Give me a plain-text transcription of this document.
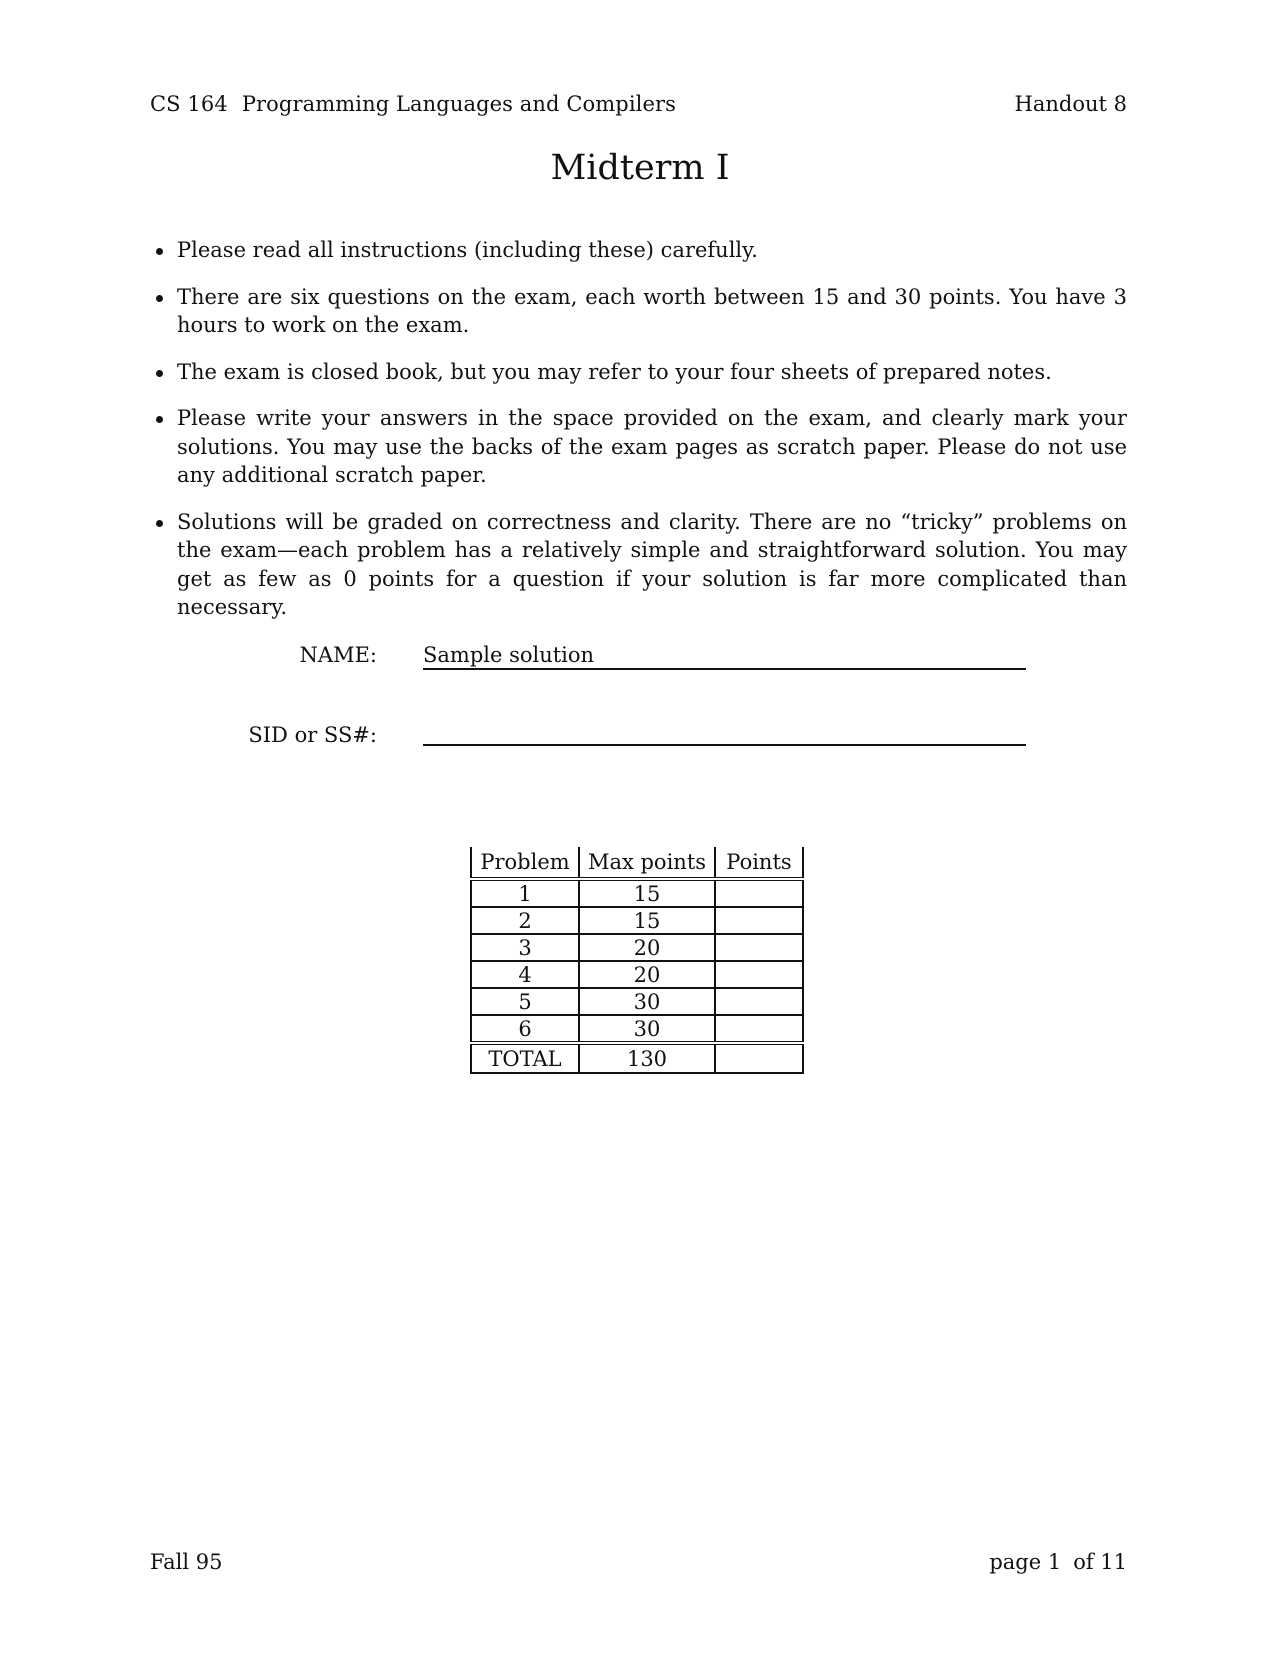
CS 164 Programming Languages and Compilers	Handout 8
Midterm I
Please read all instructions (including these) carefully.
There are six questions on the exam, each worth between 15 and 30 points. You have 3 hours to work on the exam.
The exam is closed book, but you may refer to your four sheets of prepared notes.
Please write your answers in the space provided on the exam, and clearly mark your solutions. You may use the backs of the exam pages as scratch paper. Please do not use any additional scratch paper.
Solutions will be graded on correctness and clarity. There are no “tricky” problems on the exam—each problem has a relatively simple and straightforward solution. You may get as few as 0 points for a question if your solution is far more complicated than necessary.
NAME: Sample solution
SID or SS#:
Problem	Max points	Points
1	15	
2	15	
3	20	
4	20	
5	30	
6	30	
TOTAL	130	
Fall 95	page 1 of 11
